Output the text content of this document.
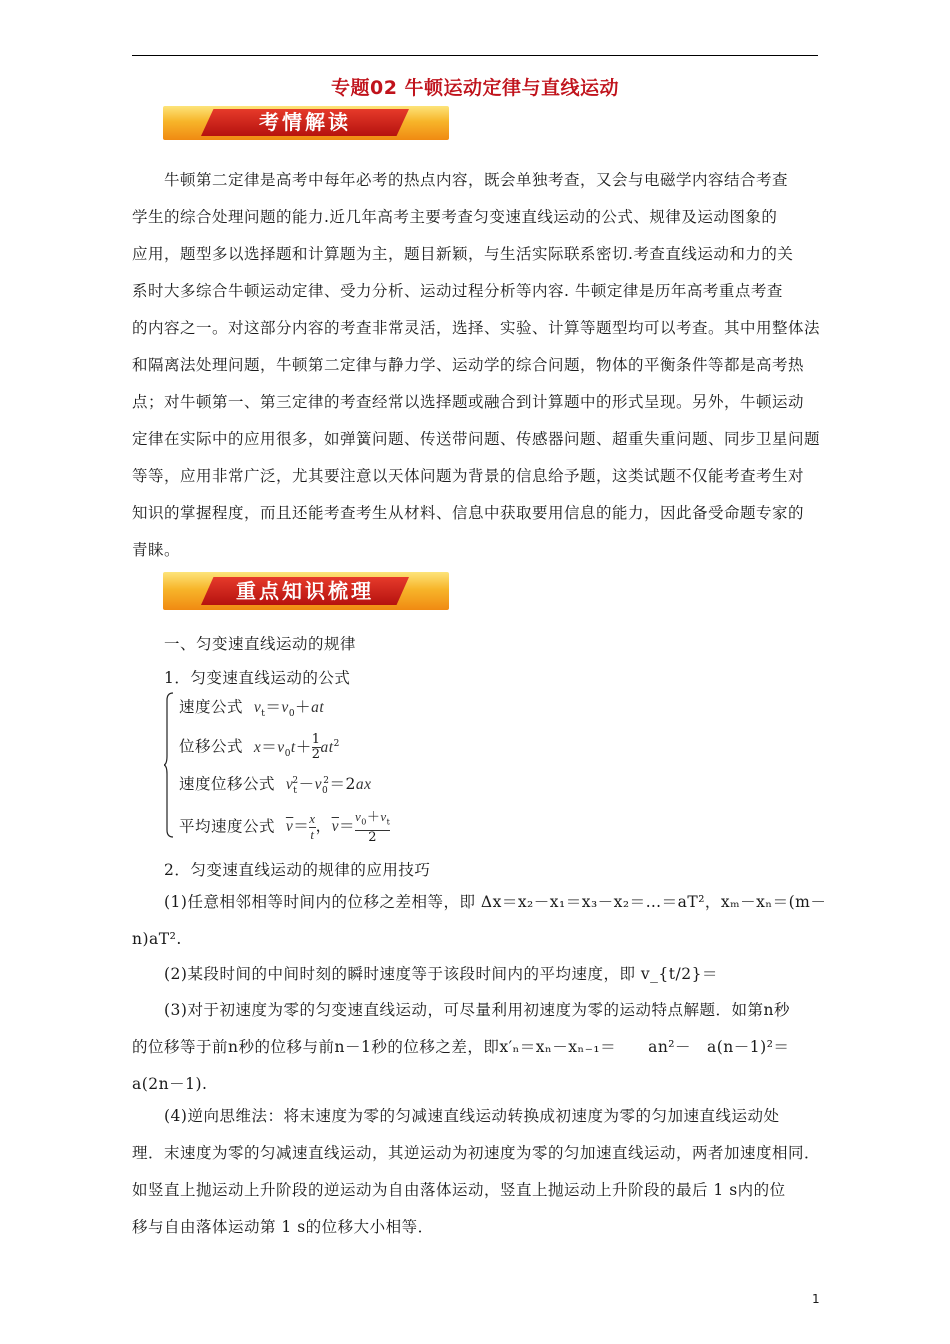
专题02 牛顿运动定律与直线运动
考情解读
牛顿第二定律是高考中每年必考的热点内容，既会单独考查，又会与电磁学内容结合考查
学生的综合处理问题的能力.近几年高考主要考查匀变速直线运动的公式、规律及运动图象的
应用，题型多以选择题和计算题为主，题目新颖，与生活实际联系密切.考查直线运动和力的关
系时大多综合牛顿运动定律、受力分析、运动过程分析等内容. 牛顿定律是历年高考重点考查
的内容之一。对这部分内容的考查非常灵活，选择、实验、计算等题型均可以考查。其中用整体法
和隔离法处理问题，牛顿第二定律与静力学、运动学的综合问题，物体的平衡条件等都是高考热
点；对牛顿第一、第三定律的考查经常以选择题或融合到计算题中的形式呈现。另外，牛顿运动
定律在实际中的应用很多，如弹簧问题、传送带问题、传感器问题、超重失重问题、同步卫星问题
等等，应用非常广泛，尤其要注意以天体问题为背景的信息给予题，这类试题不仅能考查考生对
知识的掌握程度，而且还能考查考生从材料、信息中获取要用信息的能力，因此备受命题专家的
青睐。
重点知识梳理
一、匀变速直线运动的规律
1．匀变速直线运动的公式
速度公式 $v_t=v_0+at$
位移公式 $x=v_0t+ \frac{1}{2} at^2$
速度位移公式 $v_t^2-v_0^2=2ax$
平均速度公式 $\overline{v}= \frac{x}{t}$ ，$\overline{v}= \frac{v_0+v_t}{2}$
2．匀变速直线运动的规律的应用技巧
(1)任意相邻相等时间内的位移之差相等，即 Δx＝x₂－x₁＝x₃－x₂＝…＝aT²，xₘ－xₙ＝(m－
n)aT².
(2)某段时间的中间时刻的瞬时速度等于该段时间内的平均速度，即 v_{t/2}＝
(3)对于初速度为零的匀变速直线运动，可尽量利用初速度为零的运动特点解题．如第n秒
的位移等于前n秒的位移与前n－1秒的位移之差，即x′ₙ＝xₙ－xₙ₋₁＝　　an²－　a(n－1)²＝
a(2n－1).
(4)逆向思维法：将末速度为零的匀减速直线运动转换成初速度为零的匀加速直线运动处
理．末速度为零的匀减速直线运动，其逆运动为初速度为零的匀加速直线运动，两者加速度相同．
如竖直上抛运动上升阶段的逆运动为自由落体运动，竖直上抛运动上升阶段的最后 1 s内的位
移与自由落体运动第 1 s的位移大小相等．
1
